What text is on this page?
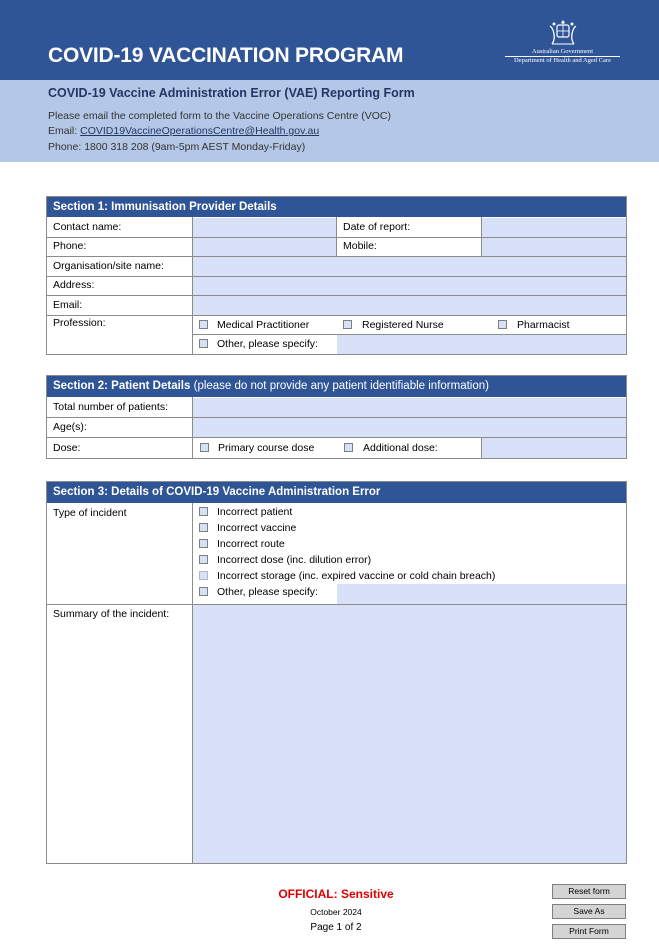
COVID-19 VACCINATION PROGRAM	Australian Government
Department of Health and Aged Care
COVID-19 Vaccine Administration Error (VAE) Reporting Form
Please email the completed form to the Vaccine Operations Centre (VOC)
Email: COVID19VaccineOperationsCentre@Health.gov.au
Phone: 1800 318 208 (9am-5pm AEST Monday-Friday)
Section 1: Immunisation Provider Details
Contact name:	Date of report:
Phone:	Mobile:
Organisation/site name:
Address:
Email:
Profession:	Medical Practitioner	Registered Nurse	Pharmacist
Other, please specify:
Section 2: Patient Details (please do not provide any patient identifiable information)
Total number of patients:
Age(s):
Dose:	Primary course dose	Additional dose:
Section 3: Details of COVID-19 Vaccine Administration Error
Type of incident	Incorrect patient
Incorrect vaccine
Incorrect route
Incorrect dose (inc. dilution error)
Incorrect storage (inc. expired vaccine or cold chain breach)
Other, please specify:
Summary of the incident:
OFFICIAL: Sensitive
October 2024
Page 1 of 2
Reset form
Save As
Print Form
